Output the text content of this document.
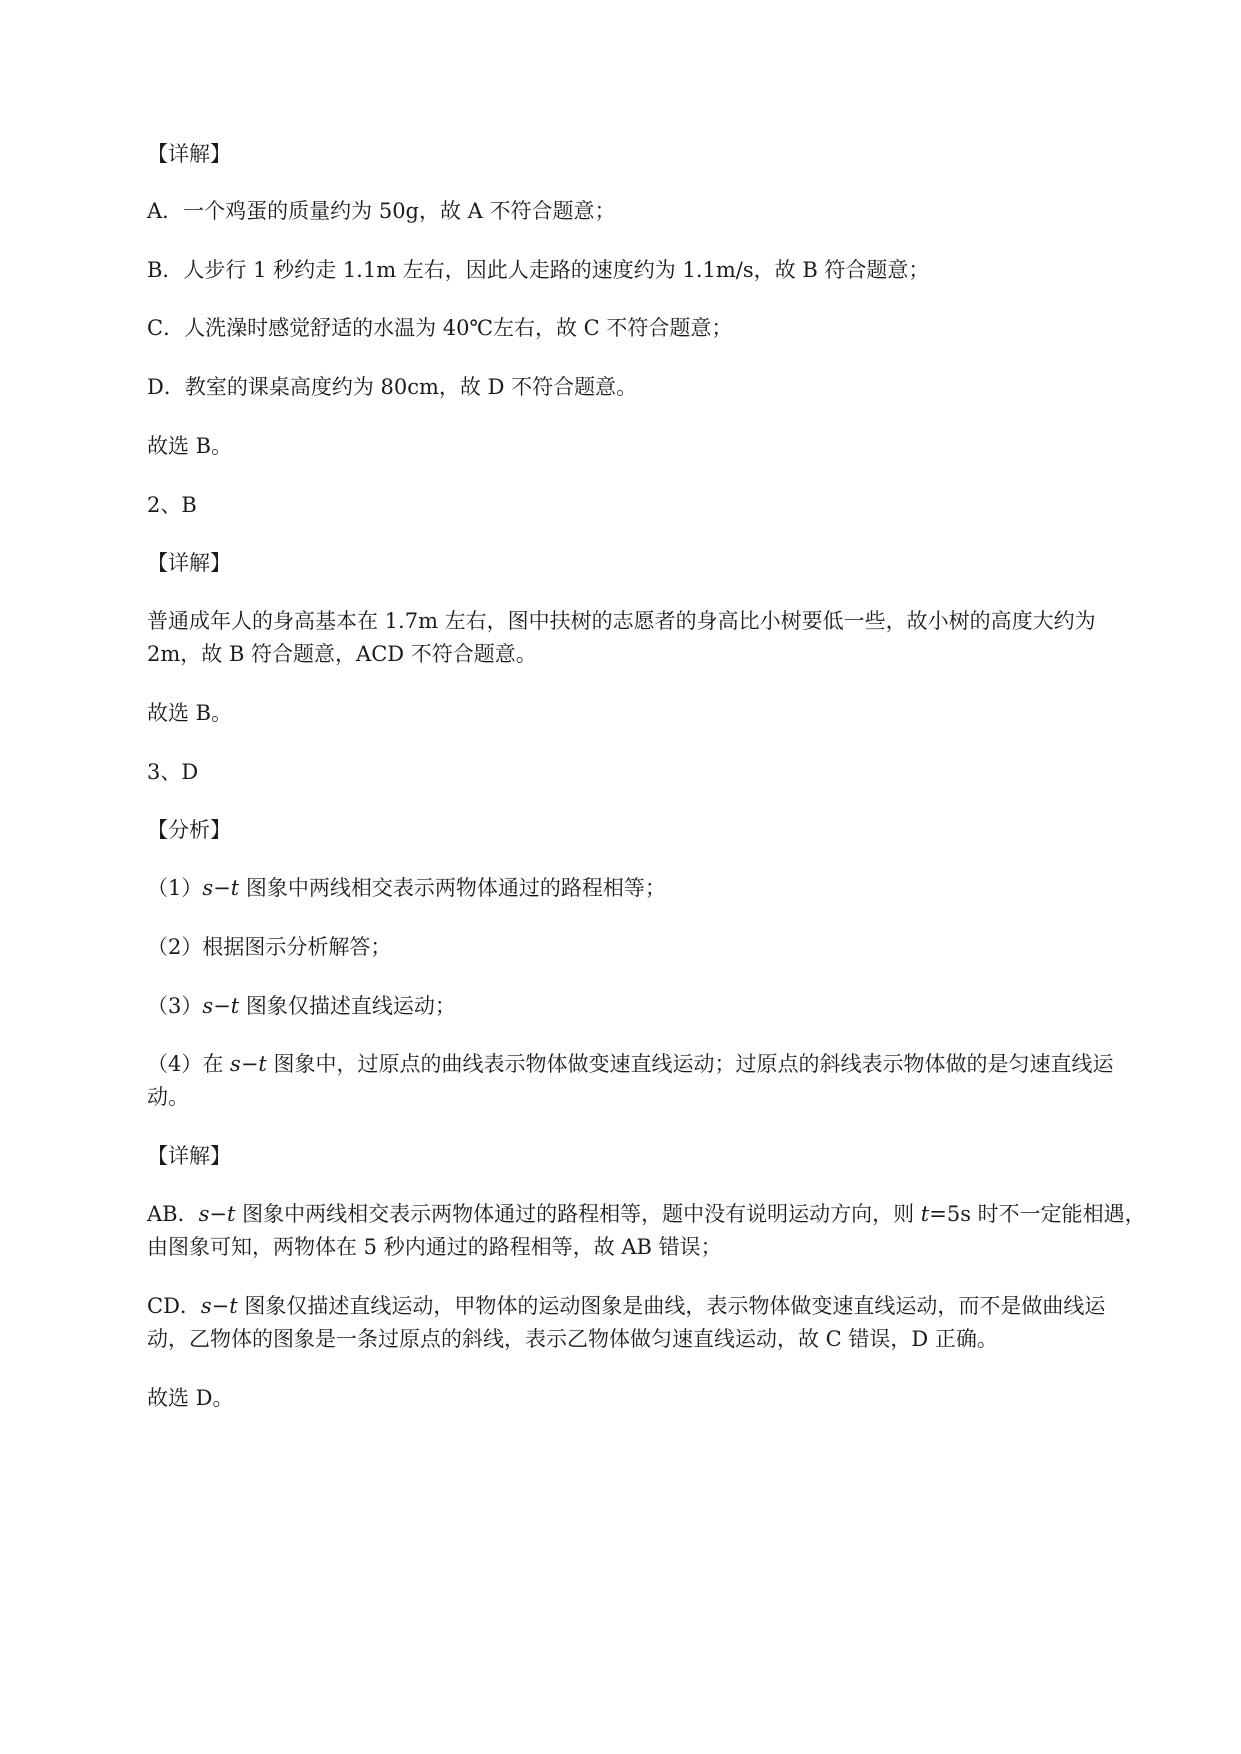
【详解】

A．一个鸡蛋的质量约为 50g，故 A 不符合题意；

B．人步行 1 秒约走 1.1m 左右，因此人走路的速度约为 1.1m/s，故 B 符合题意；

C．人洗澡时感觉舒适的水温为 40℃左右，故 C 不符合题意；

D．教室的课桌高度约为 80cm，故 D 不符合题意。

故选 B。

2、B

【详解】

普通成年人的身高基本在 1.7m 左右，图中扶树的志愿者的身高比小树要低一些，故小树的高度大约为 2m，故 B 符合题意，ACD 不符合题意。

故选 B。

3、D

【分析】

（1）s−t 图象中两线相交表示两物体通过的路程相等；

（2）根据图示分析解答；

（3）s−t 图象仅描述直线运动；

（4）在 s−t 图象中，过原点的曲线表示物体做变速直线运动；过原点的斜线表示物体做的是匀速直线运动。

【详解】

AB．s−t 图象中两线相交表示两物体通过的路程相等，题中没有说明运动方向，则 t=5s 时不一定能相遇，由图象可知，两物体在 5 秒内通过的路程相等，故 AB 错误；

CD．s−t 图象仅描述直线运动，甲物体的运动图象是曲线，表示物体做变速直线运动，而不是做曲线运动，乙物体的图象是一条过原点的斜线，表示乙物体做匀速直线运动，故 C 错误，D 正确。

故选 D。
